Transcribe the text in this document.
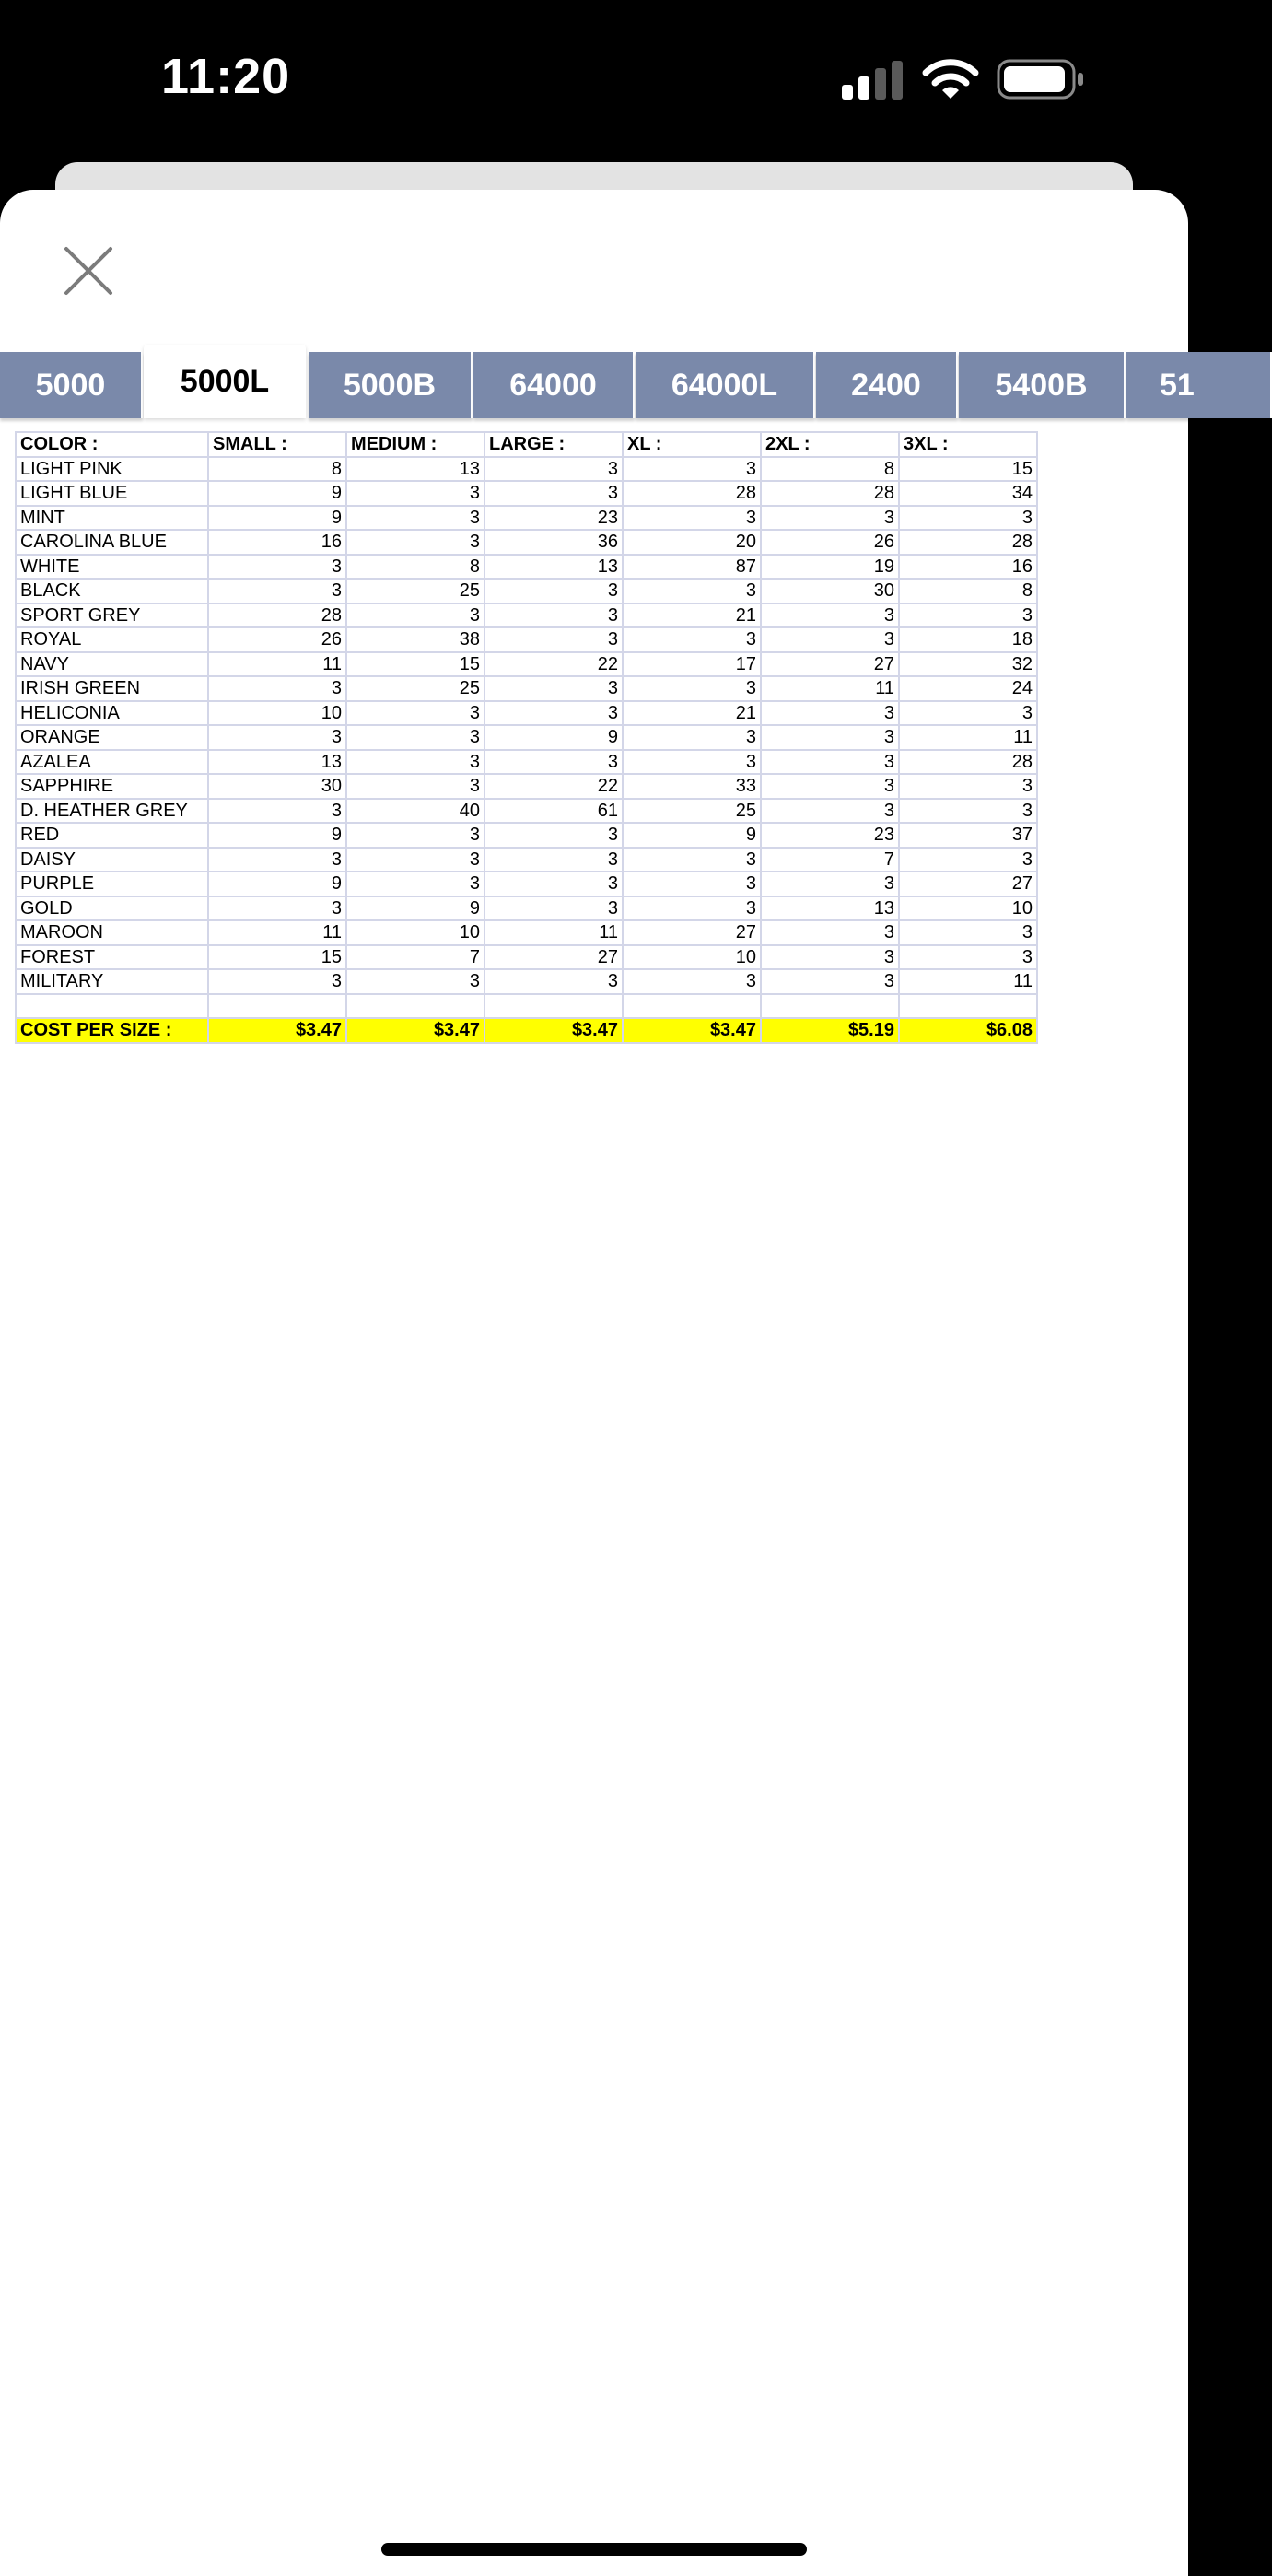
11:20
5000	5000L	5000B	64000	64000L	2400	5400B	51
COLOR :	SMALL :	MEDIUM :	LARGE :	XL :	2XL :	3XL :
LIGHT PINK	8	13	3	3	8	15
LIGHT BLUE	9	3	3	28	28	34
MINT	9	3	23	3	3	3
CAROLINA BLUE	16	3	36	20	26	28
WHITE	3	8	13	87	19	16
BLACK	3	25	3	3	30	8
SPORT GREY	28	3	3	21	3	3
ROYAL	26	38	3	3	3	18
NAVY	11	15	22	17	27	32
IRISH GREEN	3	25	3	3	11	24
HELICONIA	10	3	3	21	3	3
ORANGE	3	3	9	3	3	11
AZALEA	13	3	3	3	3	28
SAPPHIRE	30	3	22	33	3	3
D. HEATHER GREY	3	40	61	25	3	3
RED	9	3	3	9	23	37
DAISY	3	3	3	3	7	3
PURPLE	9	3	3	3	3	27
GOLD	3	9	3	3	13	10
MAROON	11	10	11	27	3	3
FOREST	15	7	27	10	3	3
MILITARY	3	3	3	3	3	11

COST PER SIZE :	$3.47	$3.47	$3.47	$3.47	$5.19	$6.08
